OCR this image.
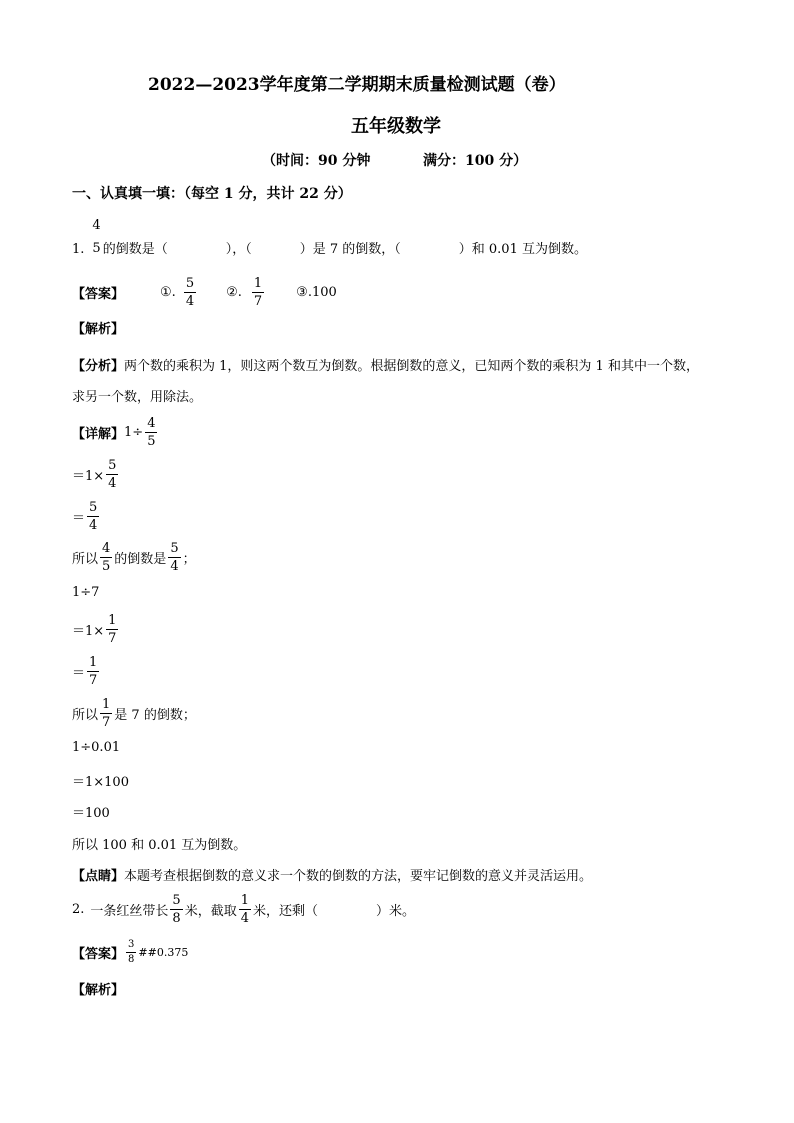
2022—2023学年度第二学期期末质量检测试题（卷）
五年级数学
（时间：90 分钟	满分：100 分）
一、认真填一填：（每空 1 分，共计 22 分）
1.
4
5 的倒数是（	），（	）是 7 的倒数，（	）和 0.01 互为倒数。
【答案】	①. $\frac{5}{4}$ ②. $\frac{1}{7}$ ③. 100
【解析】
【分析】 两个数的乘积为 1，则这两个数互为倒数。根据倒数的意义，已知两个数的乘积为 1 和其中一个数，
求另一个数，用除法。
【详解】 $1\div \frac{4}{5}$
$=1\times \frac{5}{4}$
＝ $\frac{5}{4}$
所以 $\frac{4}{5}$ 的倒数是 $\frac{5}{4}$ ；
1÷7
$=1\times \frac{1}{7}$
＝ $\frac{1}{7}$
所以 $\frac{1}{7}$ 是 7 的倒数；
1÷0.01
＝1×100
＝100
所以 100 和 0.01 互为倒数。
【点睛】 本题考查根据倒数的意义求一个数的倒数的方法，要牢记倒数的意义并灵活运用。
2. 一条红丝带长 $\frac{5}{8}$ 米，截取 $\frac{1}{4}$ 米，还剩（	）米。
【答案】 $\frac{3}{8}$ ##0.375
【解析】
